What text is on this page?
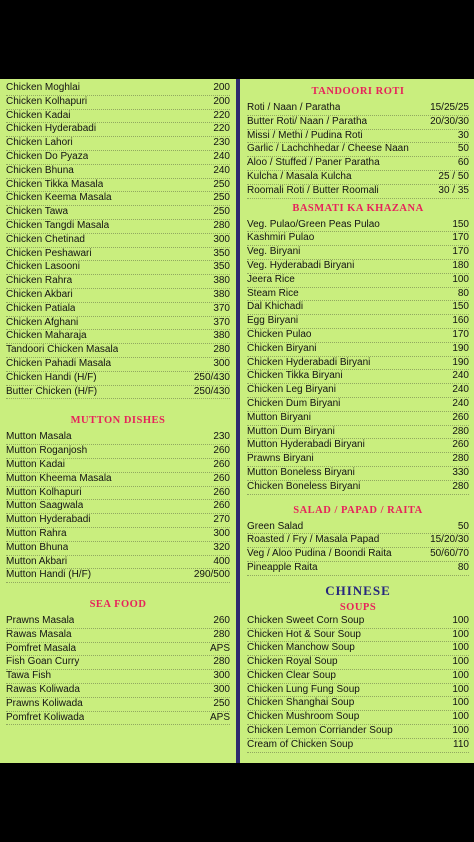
Chicken Moghlai	200
Chicken Kolhapuri	200
Chicken Kadai	220
Chicken Hyderabadi	220
Chicken Lahori	230
Chicken Do Pyaza	240
Chicken Bhuna	240
Chicken Tikka Masala	250
Chicken Keema Masala	250
Chicken Tawa	250
Chicken Tangdi Masala	280
Chicken Chetinad	300
Chicken Peshawari	350
Chicken Lasooni	350
Chicken Rahra	380
Chicken Akbari	380
Chicken Patiala	370
Chicken Afghani	370
Chicken Maharaja	380
Tandoori Chicken Masala	280
Chicken Pahadi Masala	300
Chicken Handi (H/F)	250/430
Butter Chicken (H/F)	250/430
MUTTON DISHES
Mutton Masala	230
Mutton Roganjosh	260
Mutton Kadai	260
Mutton Kheema Masala	260
Mutton Kolhapuri	260
Mutton Saagwala	260
Mutton Hyderabadi	270
Mutton Rahra	300
Mutton Bhuna	320
Mutton Akbari	400
Mutton Handi (H/F)	290/500
SEA FOOD
Prawns Masala	260
Rawas Masala	280
Pomfret Masala	APS
Fish Goan Curry	280
Tawa Fish	300
Rawas Koliwada	300
Prawns Koliwada	250
Pomfret Koliwada	APS
TANDOORI ROTI
Roti / Naan / Paratha	15/25/25
Butter Roti/ Naan / Paratha	20/30/30
Missi / Methi / Pudina Roti	30
Garlic / Lachchhedar / Cheese Naan	50
Aloo / Stuffed / Paner Paratha	60
Kulcha / Masala Kulcha	25 / 50
Roomali Roti / Butter Roomali	30 / 35
BASMATI KA KHAZANA
Veg. Pulao/Green Peas Pulao	150
Kashmiri Pulao	170
Veg. Biryani	170
Veg. Hyderabadi Biryani	180
Jeera Rice	100
Steam Rice	80
Dal Khichadi	150
Egg Biryani	160
Chicken Pulao	170
Chicken Biryani	190
Chicken Hyderabadi Biryani	190
Chicken Tikka Biryani	240
Chicken Leg Biryani	240
Chicken Dum Biryani	240
Mutton Biryani	260
Mutton Dum Biryani	280
Mutton Hyderabadi Biryani	260
Prawns Biryani	280
Mutton Boneless Biryani	330
Chicken Boneless Biryani	280
SALAD / PAPAD / RAITA
Green Salad	50
Roasted / Fry / Masala Papad	15/20/30
Veg / Aloo Pudina / Boondi Raita	50/60/70
Pineapple Raita	80
CHINESE
SOUPS
Chicken Sweet Corn Soup	100
Chicken Hot & Sour Soup	100
Chicken Manchow Soup	100
Chicken Royal Soup	100
Chicken Clear Soup	100
Chicken Lung Fung Soup	100
Chicken Shanghai Soup	100
Chicken Mushroom Soup	100
Chicken Lemon Corriander Soup	100
Cream of Chicken Soup	110
